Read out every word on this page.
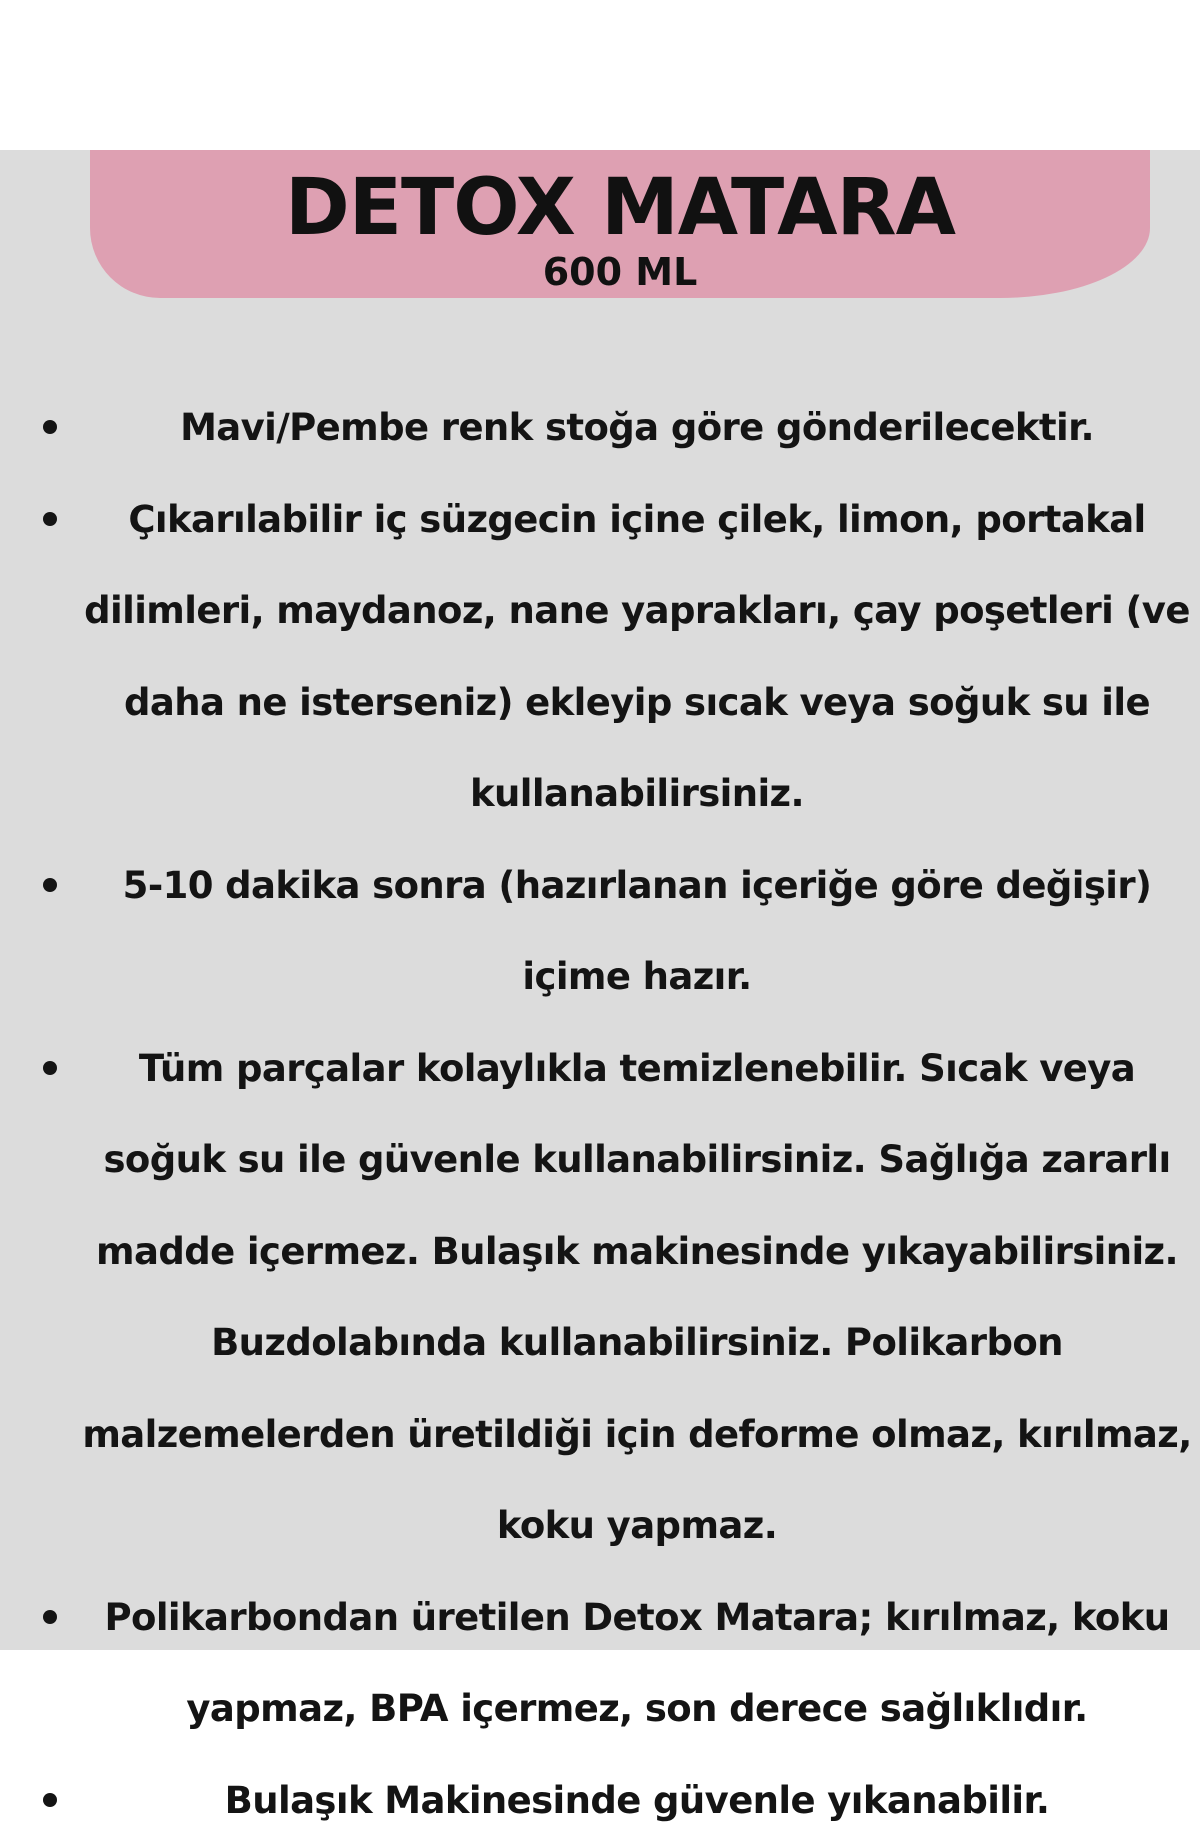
DETOX MATARA
600 ML
Mavi/Pembe renk stoğa göre gönderilecektir.
Çıkarılabilir iç süzgecin içine çilek, limon, portakal dilimleri, maydanoz, nane yaprakları, çay poşetleri (ve daha ne isterseniz) ekleyip sıcak veya soğuk su ile kullanabilirsiniz.
5-10 dakika sonra (hazırlanan içeriğe göre değişir) içime hazır.
Tüm parçalar kolaylıkla temizlenebilir. Sıcak veya soğuk su ile güvenle kullanabilirsiniz. Sağlığa zararlı madde içermez. Bulaşık makinesinde yıkayabilirsiniz. Buzdolabında kullanabilirsiniz. Polikarbon malzemelerden üretildiği için deforme olmaz, kırılmaz, koku yapmaz.
Polikarbondan üretilen Detox Matara; kırılmaz, koku yapmaz, BPA içermez, son derece sağlıklıdır.
Bulaşık Makinesinde güvenle yıkanabilir.
